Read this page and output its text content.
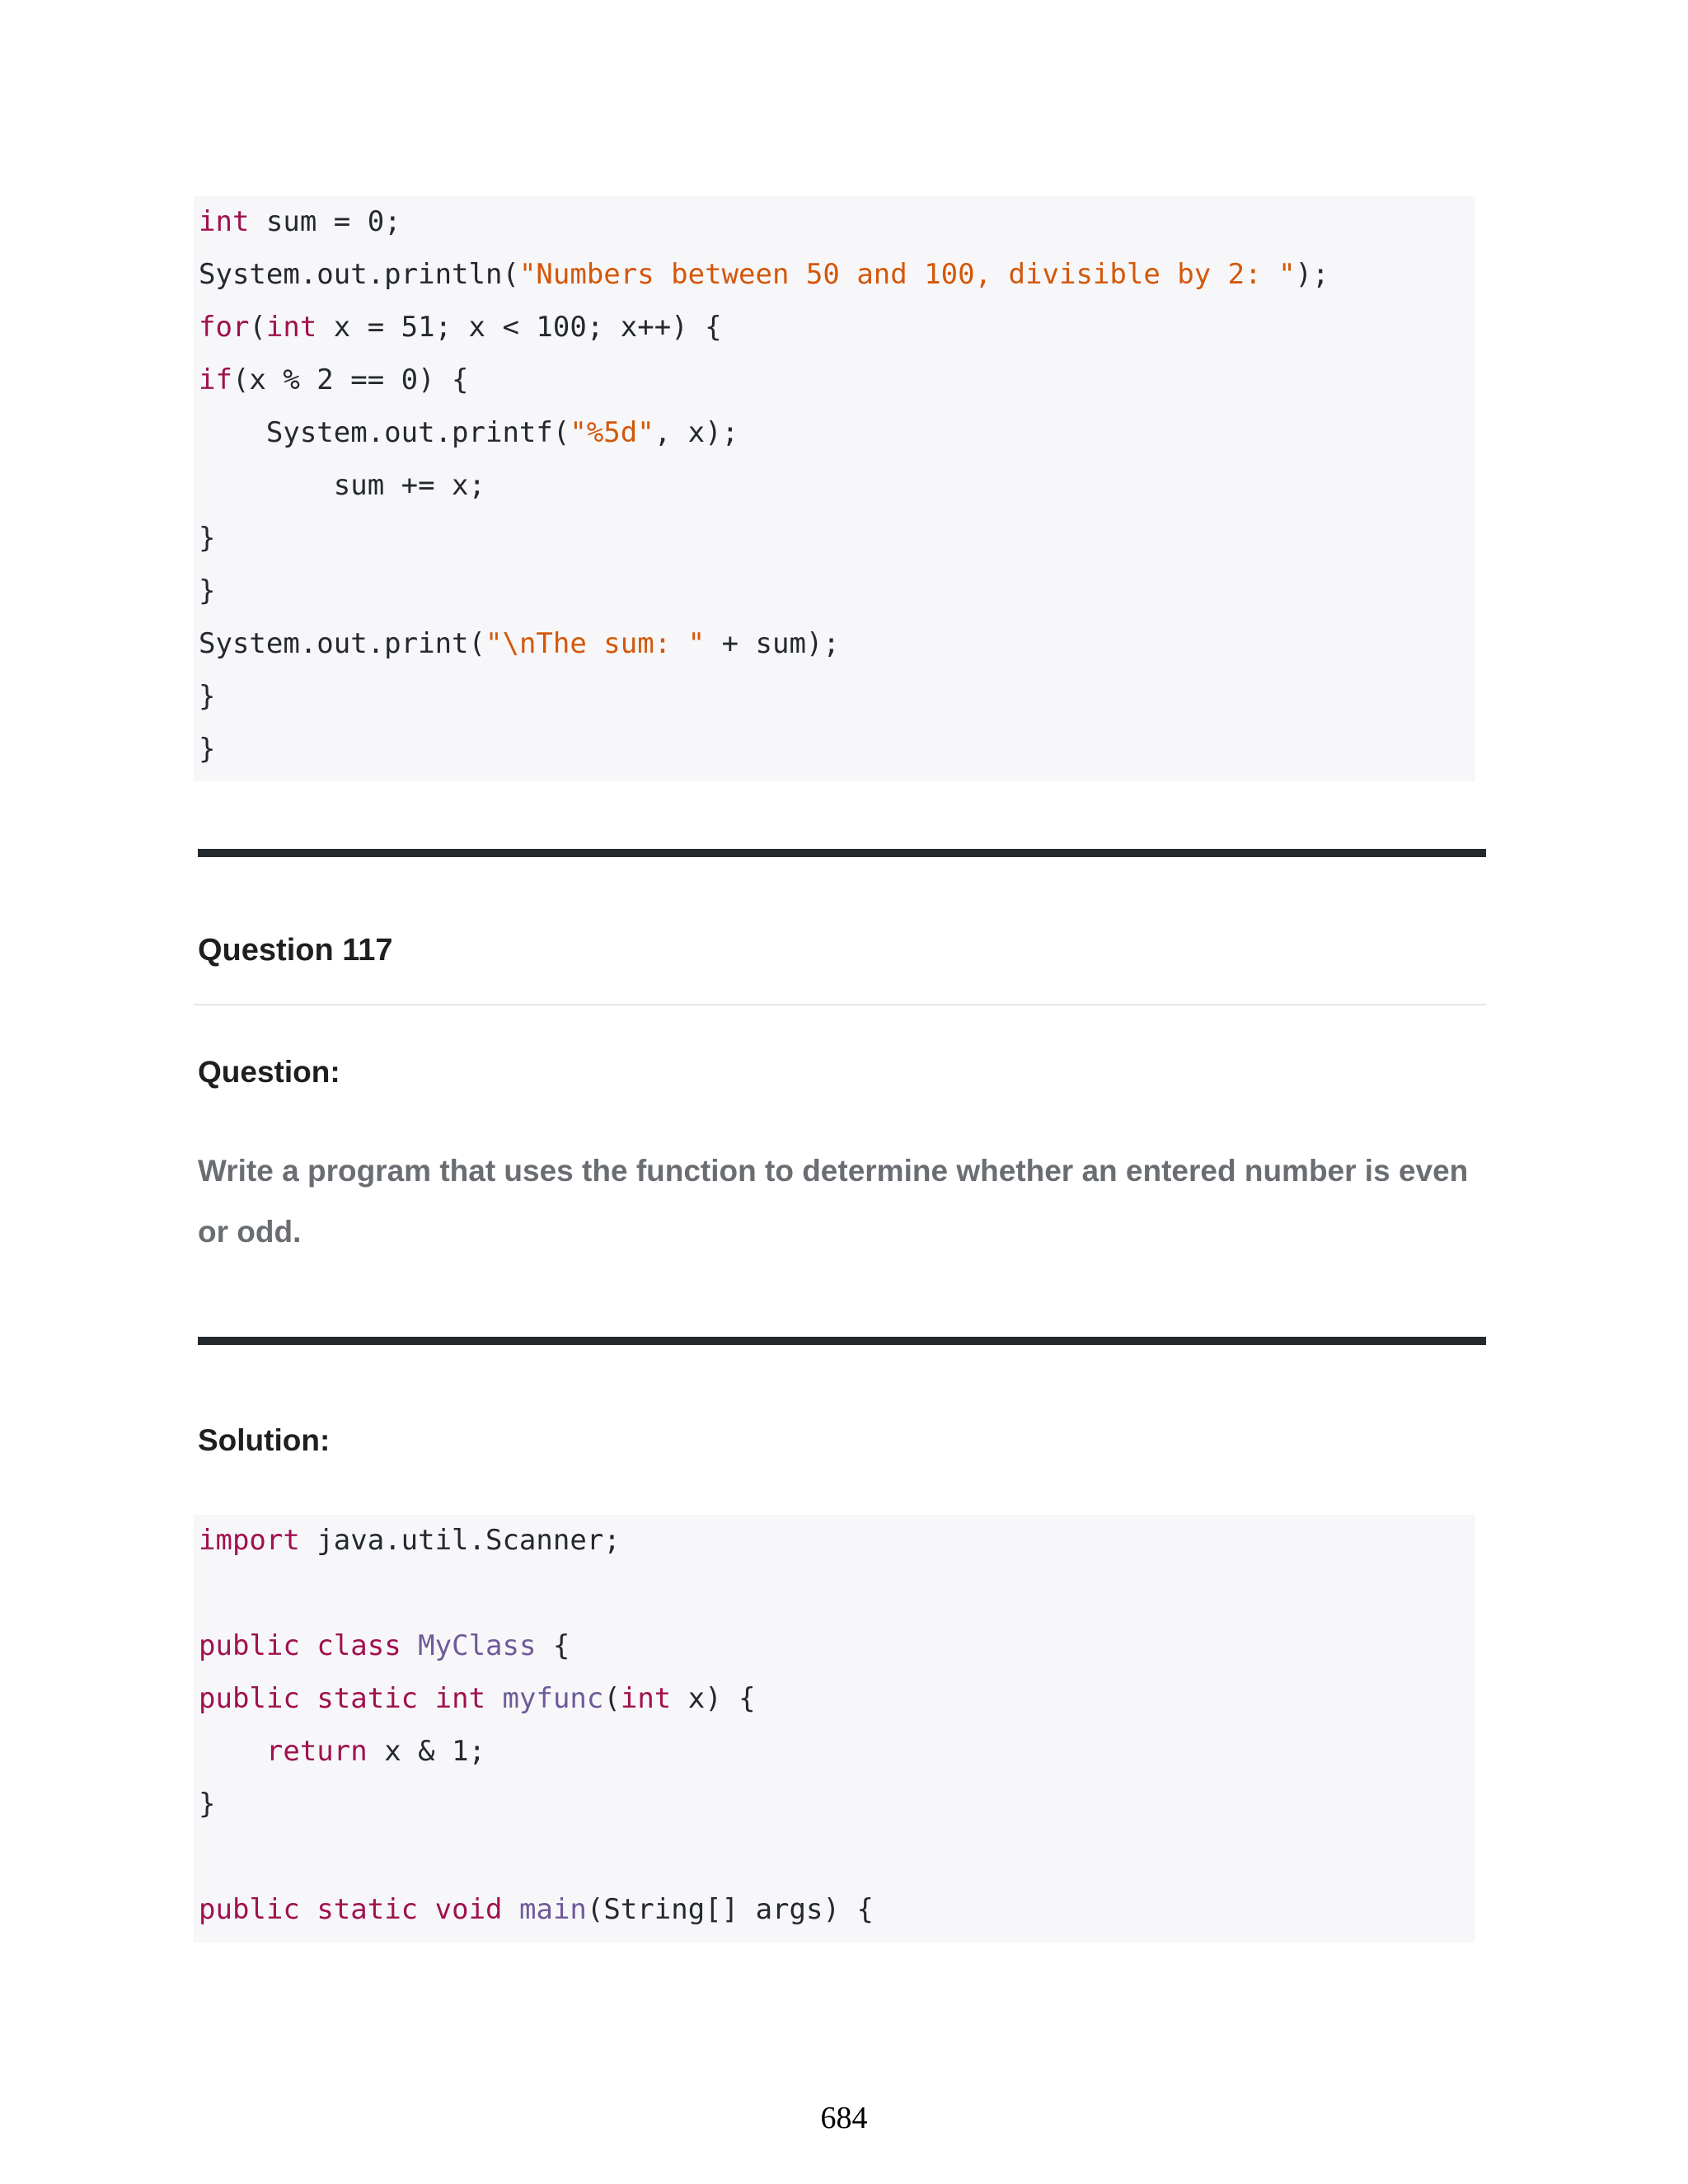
int sum = 0;
System.out.println("Numbers between 50 and 100, divisible by 2: ");
for(int x = 51; x < 100; x++) {
if(x % 2 == 0) {
System.out.printf("%5d", x);
sum += x;
}
}
System.out.print("\nThe sum: " + sum);
}
}
Question 117
Question:
Write a program that uses the function to determine whether an entered number is even or odd.
Solution:
import java.util.Scanner;
public class MyClass {
public static int myfunc(int x) {
return x & 1;
}
public static void main(String[] args) {
684
